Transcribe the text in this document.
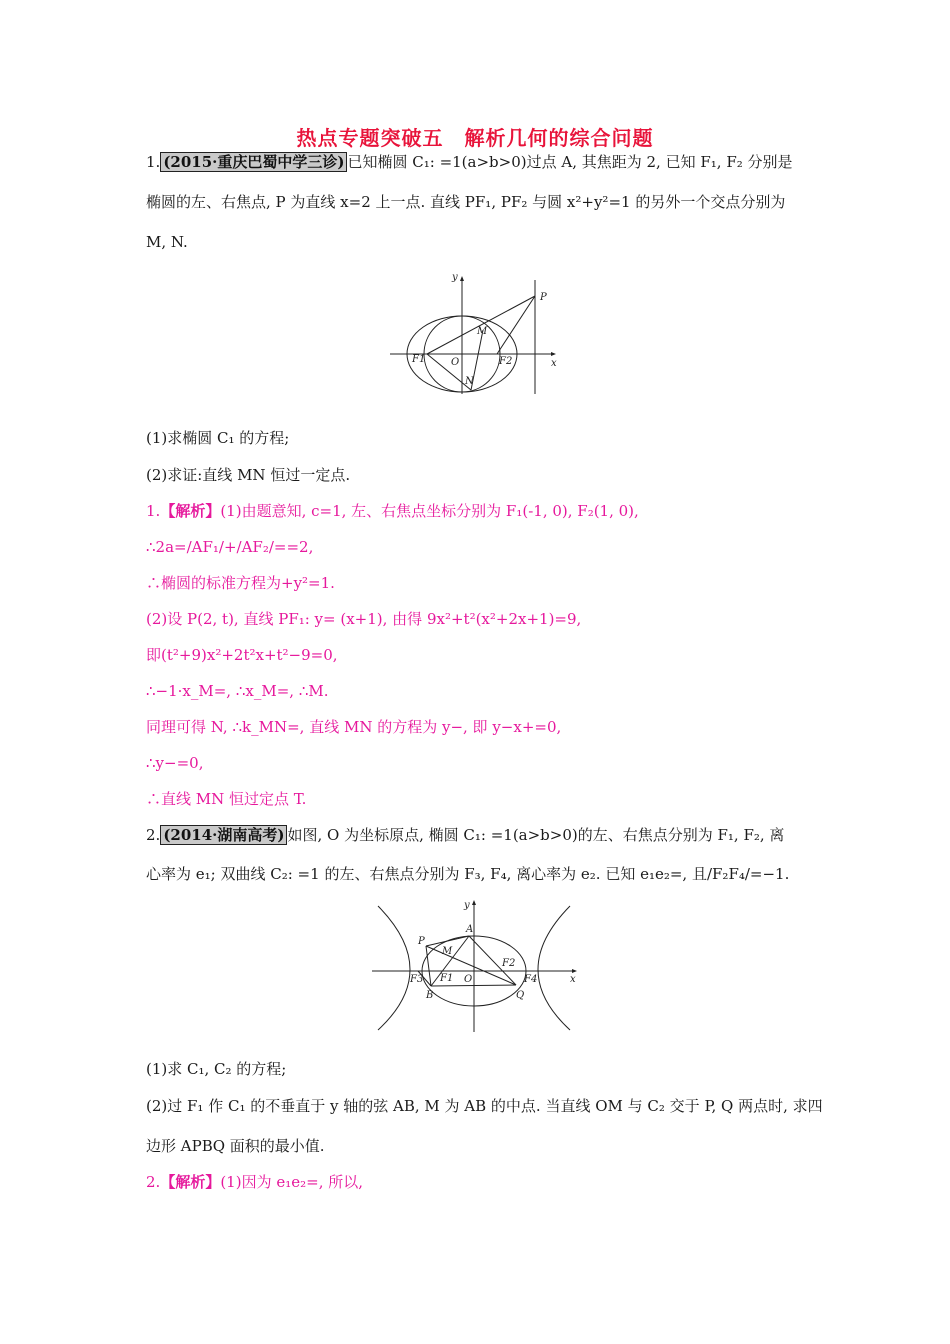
热点专题突破五　解析几何的综合问题
1. (2015·重庆巴蜀中学三诊) 已知椭圆 C₁: =1(a>b>0)过点 A, 其焦距为 2, 已知 F₁, F₂ 分别是
椭圆的左、右焦点, P 为直线 x=2 上一点. 直线 PF₁, PF₂ 与圆 x²+y²=1 的另外一个交点分别为
M, N.
y
x
O
P
M
N
F1	F2
(1)求椭圆 C₁ 的方程;
(2)求证:直线 MN 恒过一定点.
1.【解析】(1)由题意知, c=1, 左、右焦点坐标分别为 F₁(-1, 0), F₂(1, 0),
∴2a=/AF₁/+/AF₂/==2,
∴椭圆的标准方程为+y²=1.
(2)设 P(2, t), 直线 PF₁: y= (x+1), 由得 9x²+t²(x²+2x+1)=9,
即(t²+9)x²+2t²x+t²−9=0,
∴−1·x_M=, ∴x_M=, ∴M.
同理可得 N, ∴k_MN=, 直线 MN 的方程为 y−, 即 y−x+=0,
∴y−=0,
∴直线 MN 恒过定点 T.
2. (2014·湖南高考) 如图, O 为坐标原点, 椭圆 C₁: =1(a>b>0)的左、右焦点分别为 F₁, F₂, 离
心率为 e₁; 双曲线 C₂: =1 的左、右焦点分别为 F₃, F₄, 离心率为 e₂. 已知 e₁e₂=, 且/F₂F₄/=−1.
y
x
O
A
P
M
B	Q
F1
F2
F3	F4
(1)求 C₁, C₂ 的方程;
(2)过 F₁ 作 C₁ 的不垂直于 y 轴的弦 AB, M 为 AB 的中点. 当直线 OM 与 C₂ 交于 P, Q 两点时, 求四
边形 APBQ 面积的最小值.
2.【解析】(1)因为 e₁e₂=, 所以,
